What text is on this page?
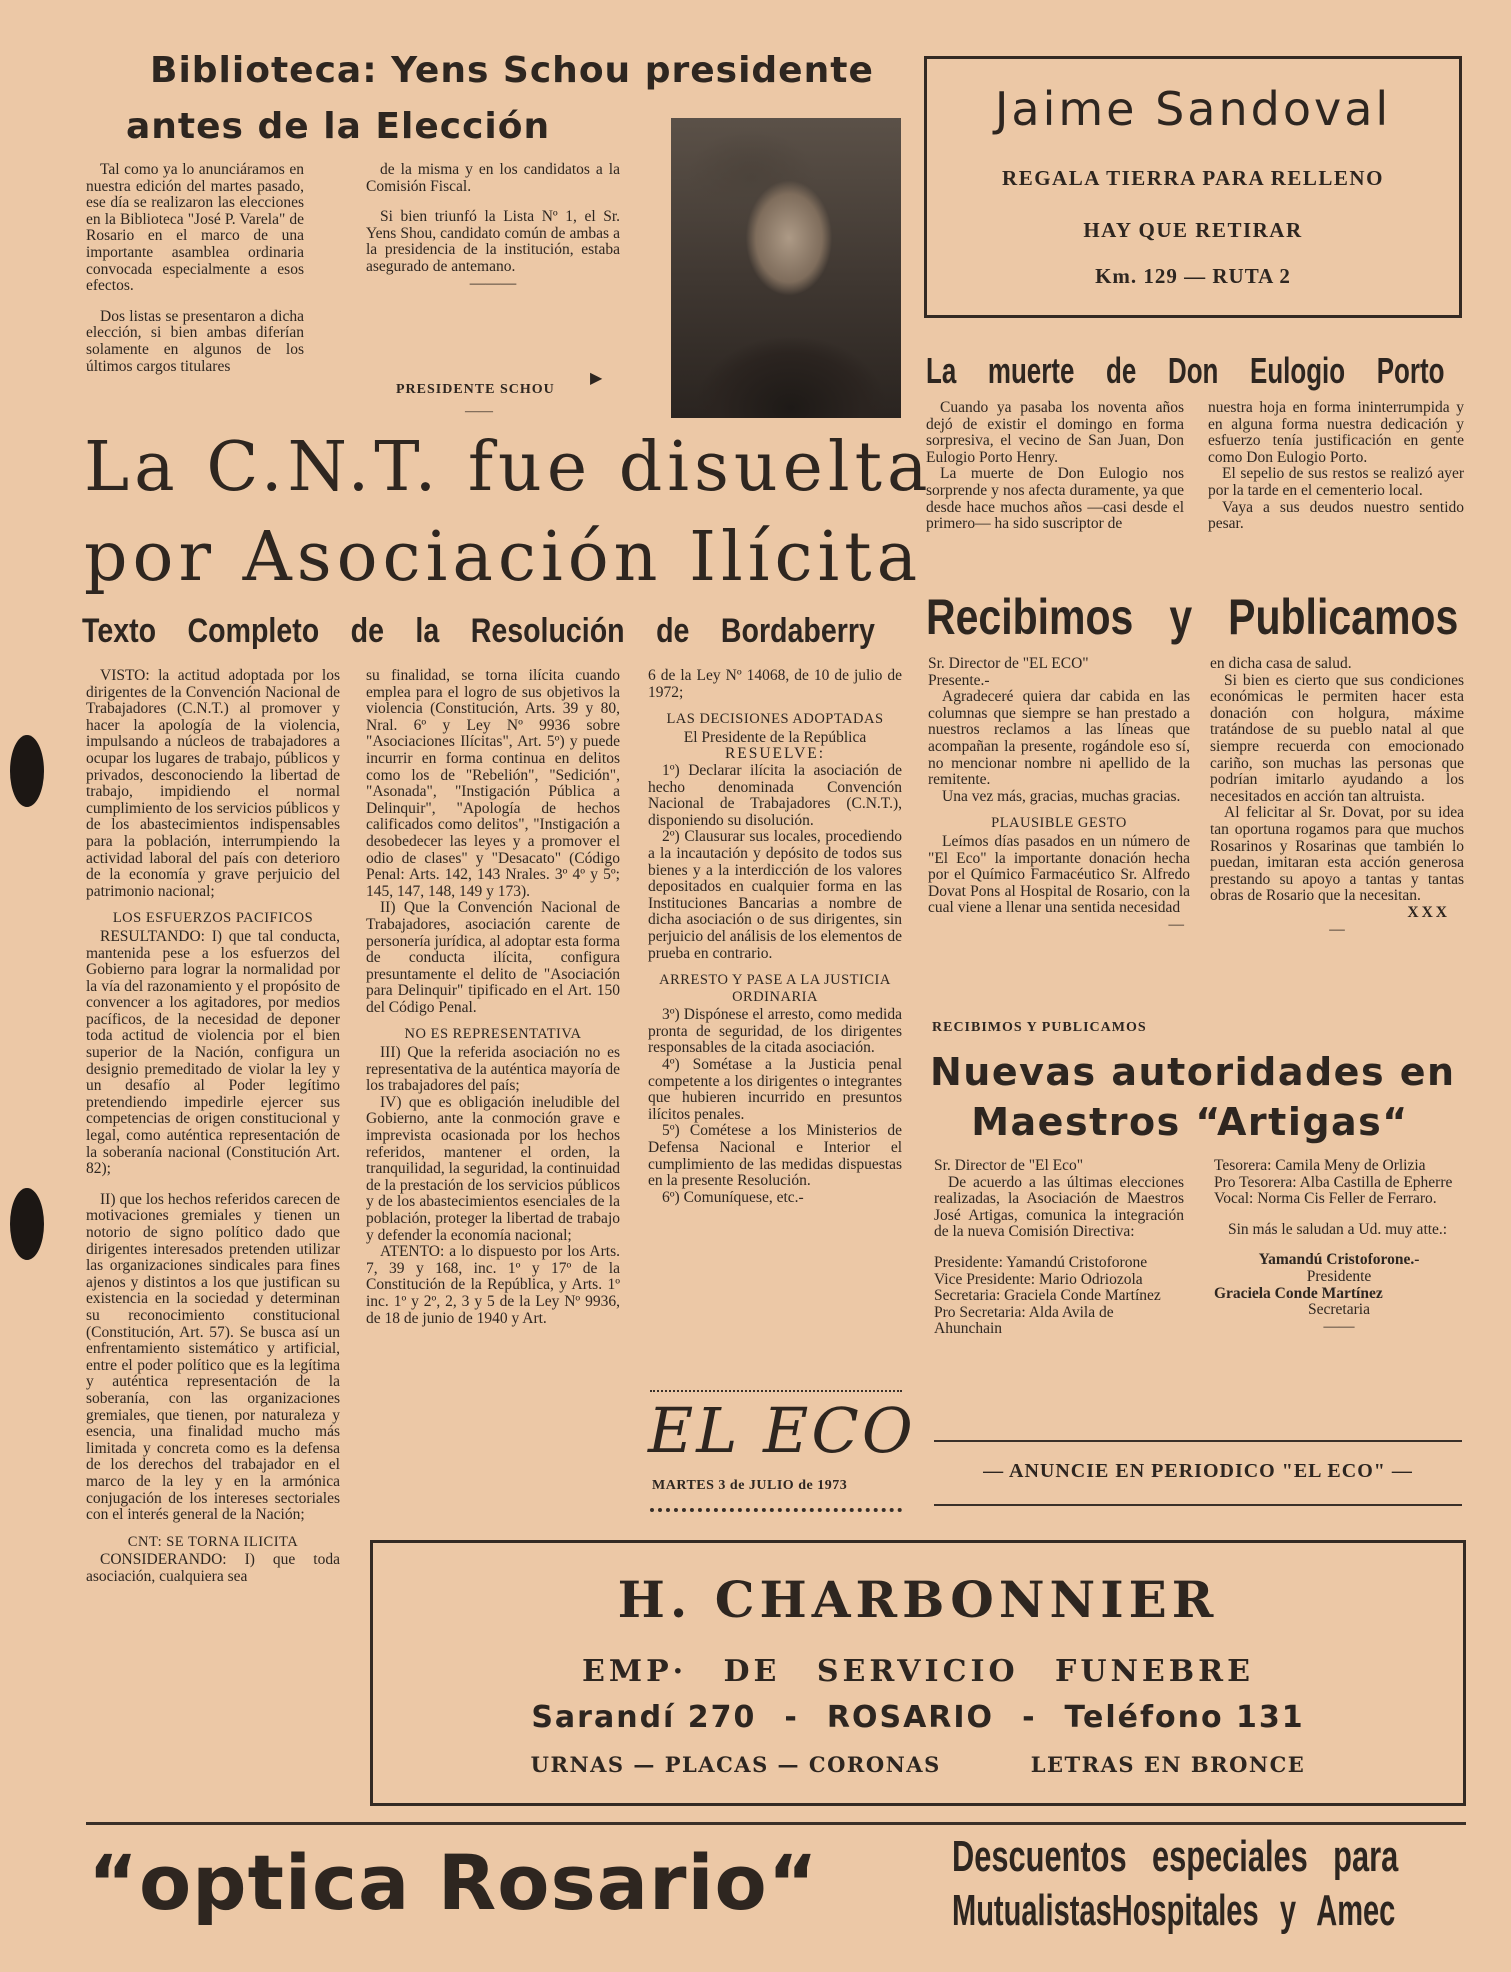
Biblioteca: Yens Schou presidente
antes de la Elección

Tal como ya lo anunciáramos en nuestra edición del martes pasado, ese día se realizaron las elecciones en la Biblioteca "José P. Varela" de Rosario en el marco de una importante asamblea ordinaria convocada especialmente a esos efectos.

Dos listas se presentaron a dicha elección, si bien ambas diferían solamente en algunos de los últimos cargos titulares

de la misma y en los candidatos a la Comisión Fiscal.

Si bien triunfó la Lista Nº 1, el Sr. Yens Shou, candidato común de ambas a la presidencia de la institución, estaba asegurado de antemano.

———
PRESIDENTE SCHOU
▶
——
La C.N.T. fue disuelta
por Asociación Ilícita
Texto Completo de la Resolución de Bordaberry

VISTO: la actitud adoptada por los dirigentes de la Convención Nacional de Trabajadores (C.N.T.) al promover y hacer la apología de la violencia, impulsando a núcleos de trabajadores a ocupar los lugares de trabajo, públicos y privados, desconociendo la libertad de trabajo, impidiendo el normal cumplimiento de los servicios públicos y de los abastecimientos indispensables para la población, interrumpiendo la actividad laboral del país con deterioro de la economía y grave perjuicio del patrimonio nacional;

LOS ESFUERZOS PACIFICOS

RESULTANDO: I) que tal conducta, mantenida pese a los esfuerzos del Gobierno para lograr la normalidad por la vía del razonamiento y el propósito de convencer a los agitadores, por medios pacíficos, de la necesidad de deponer toda actitud de violencia por el bien superior de la Nación, configura un designio premeditado de violar la ley y un desafío al Poder legítimo pretendiendo impedirle ejercer sus competencias de origen constitucional y legal, como auténtica representación de la soberanía nacional (Constitución Art. 82);

II) que los hechos referidos carecen de motivaciones gremiales y tienen un notorio de signo político dado que dirigentes interesados pretenden utilizar las organizaciones sindicales para fines ajenos y distintos a los que justifican su existencia en la sociedad y determinan su reconocimiento constitucional (Constitución, Art. 57). Se busca así un enfrentamiento sistemático y artificial, entre el poder político que es la legítima y auténtica representación de la soberanía, con las organizaciones gremiales, que tienen, por naturaleza y esencia, una finalidad mucho más limitada y concreta como es la defensa de los derechos del trabajador en el marco de la ley y en la armónica conjugación de los intereses sectoriales con el interés general de la Nación;

CNT: SE TORNA ILICITA

CONSIDERANDO: I) que toda asociación, cualquiera sea

su finalidad, se torna ilícita cuando emplea para el logro de sus objetivos la violencia (Constitución, Arts. 39 y 80, Nral. 6º y Ley Nº 9936 sobre "Asociaciones Ilícitas", Art. 5º) y puede incurrir en forma continua en delitos como los de "Rebelión", "Sedición", "Asonada", "Instigación Pública a Delinquir", "Apología de hechos calificados como delitos", "Instigación a desobedecer las leyes y a promover el odio de clases" y "Desacato" (Código Penal: Arts. 142, 143 Nrales. 3º 4º y 5º; 145, 147, 148, 149 y 173).

II) Que la Convención Nacional de Trabajadores, asociación carente de personería jurídica, al adoptar esta forma de conducta ilícita, configura presuntamente el delito de "Asociación para Delinquir" tipificado en el Art. 150 del Código Penal.

NO ES REPRESENTATIVA

III) Que la referida asociación no es representativa de la auténtica mayoría de los trabajadores del país;

IV) que es obligación ineludible del Gobierno, ante la conmoción grave e imprevista ocasionada por los hechos referidos, mantener el orden, la tranquilidad, la seguridad, la continuidad de la prestación de los servicios públicos y de los abastecimientos esenciales de la población, proteger la libertad de trabajo y defender la economía nacional;

ATENTO: a lo dispuesto por los Arts. 7, 39 y 168, inc. 1º y 17º de la Constitución de la República, y Arts. 1º inc. 1º y 2º, 2, 3 y 5 de la Ley Nº 9936, de 18 de junio de 1940 y Art.

6 de la Ley Nº 14068, de 10 de julio de 1972;

LAS DECISIONES ADOPTADAS

El Presidente de la República

RESUELVE:

1º) Declarar ilícita la asociación de hecho denominada Convención Nacional de Trabajadores (C.N.T.), disponiendo su disolución.

2º) Clausurar sus locales, procediendo a la incautación y depósito de todos sus bienes y a la interdicción de los valores depositados en cualquier forma en las Instituciones Bancarias a nombre de dicha asociación o de sus dirigentes, sin perjuicio del análisis de los elementos de prueba en contrario.

ARRESTO Y PASE A LA JUSTICIA ORDINARIA

3º) Dispónese el arresto, como medida pronta de seguridad, de los dirigentes responsables de la citada asociación.

4º) Sométase a la Justicia penal competente a los dirigentes o integrantes que hubieren incurrido en presuntos ilícitos penales.

5º) Cométese a los Ministerios de Defensa Nacional e Interior el cumplimiento de las medidas dispuestas en la presente Resolución.

6º) Comuníquese, etc.-

EL ECO
MARTES 3 de JULIO de 1973
Jaime Sandoval
REGALA TIERRA PARA RELLENO
HAY QUE RETIRAR
Km. 129 — RUTA 2
La muerte de Don Eulogio Porto

Cuando ya pasaba los noventa años dejó de existir el domingo en forma sorpresiva, el vecino de San Juan, Don Eulogio Porto Henry.

La muerte de Don Eulogio nos sorprende y nos afecta duramente, ya que desde hace muchos años —casi desde el primero— ha sido suscriptor de

nuestra hoja en forma ininterrumpida y en alguna forma nuestra dedicación y esfuerzo tenía justificación en gente como Don Eulogio Porto.

El sepelio de sus restos se realizó ayer por la tarde en el cementerio local.

Vaya a sus deudos nuestro sentido pesar.

Recibimos y Publicamos

Sr. Director de "EL ECO"

Presente.-

Agradeceré quiera dar cabida en las columnas que siempre se han prestado a nuestros reclamos a las líneas que acompañan la presente, rogándole eso sí, no mencionar nombre ni apellido de la remitente.

Una vez más, gracias, muchas gracias.

PLAUSIBLE GESTO

Leímos días pasados en un número de "El Eco" la importante donación hecha por el Químico Farmacéutico Sr. Alfredo Dovat Pons al Hospital de Rosario, con la cual viene a llenar una sentida necesidad

—

en dicha casa de salud.

Si bien es cierto que sus condiciones económicas le permiten hacer esta donación con holgura, máxime tratándose de su pueblo natal al que siempre recuerda con emocionado cariño, son muchas las personas que podrían imitarlo ayudando a los necesitados en acción tan altruista.

Al felicitar al Sr. Dovat, por su idea tan oportuna rogamos para que muchos Rosarinos y Rosarinas que también lo puedan, imitaran esta acción generosa prestando su apoyo a tantas y tantas obras de Rosario que la necesitan.

XXX

—
RECIBIMOS Y PUBLICAMOS
Nuevas autoridades en
Maestros “Artigas“

Sr. Director de "El Eco"

De acuerdo a las últimas elecciones realizadas, la Asociación de Maestros José Artigas, comunica la integración de la nueva Comisión Directiva:

Presidente: Yamandú Cristoforone

Vice Presidente: Mario Odriozola

Secretaria: Graciela Conde Martínez

Pro Secretaria: Alda Avila de Ahunchain

Tesorera: Camila Meny de Orlizia

Pro Tesorera: Alba Castilla de Epherre

Vocal: Norma Cis Feller de Ferraro.

Sin más le saludan a Ud. muy atte.:

Yamandú Cristoforone.-

Presidente

Graciela Conde Martínez

Secretaria

——
— ANUNCIE EN PERIODICO "EL ECO" —
H. CHARBONNIER
EMP· DE SERVICIO FUNEBRE
Sarandí 270 - ROSARIO - Teléfono 131
URNAS — PLACAS — CORONAS	LETRAS EN BRONCE
“optica Rosario“	Descuentos especiales para
MutualistasHospitales y Amec
